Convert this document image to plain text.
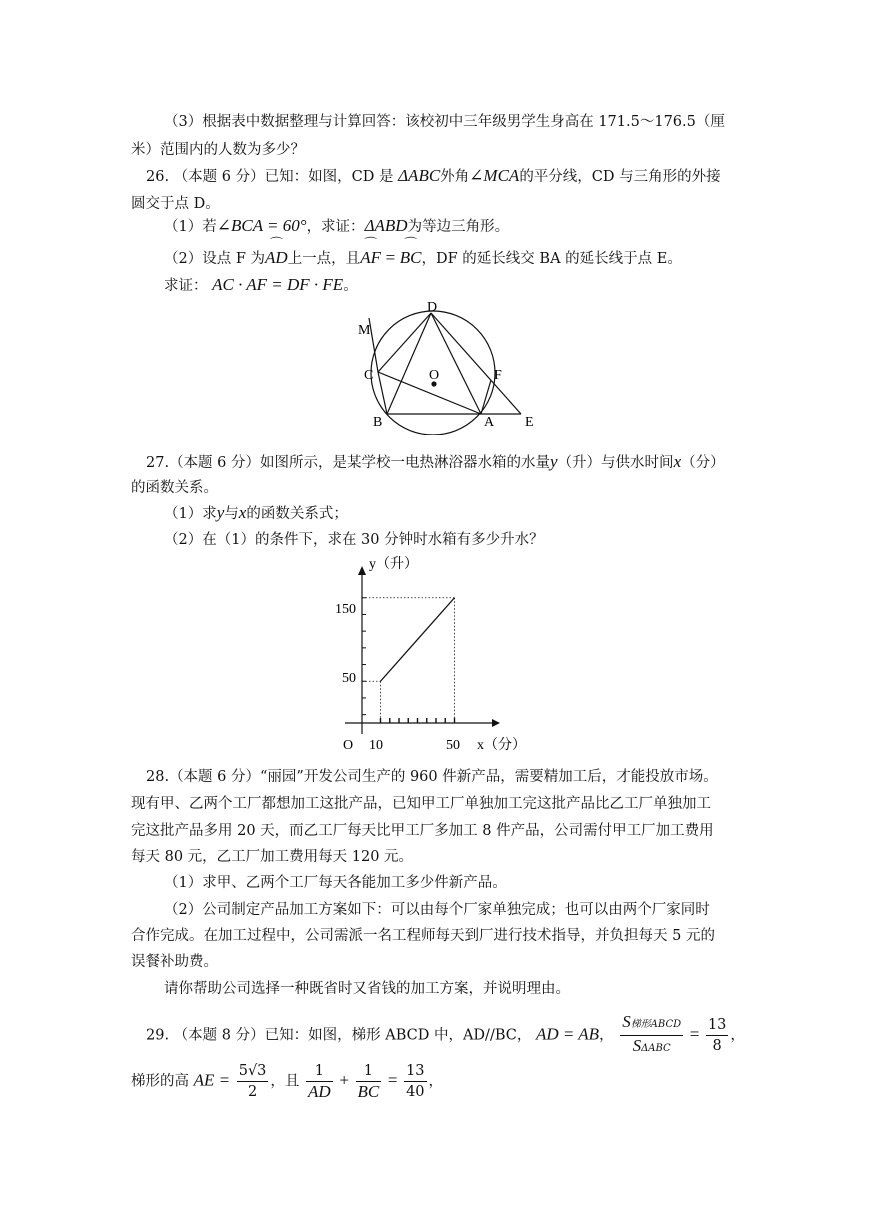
（3）根据表中数据整理与计算回答：该校初中三年级男学生身高在 171.5～176.5（厘
米）范围内的人数为多少？
26. （本题 6 分）已知：如图，CD 是 ΔABC外角∠MCA的平分线，CD 与三角形的外接
圆交于点 D。
（1）若∠BCA = 60°，求证：ΔABD为等边三角形。
（2）设点 F 为⌒ AD上一点，且⌒ AF = ⌒ BC，DF 的延长线交 BA 的延长线于点 E。
求证： AC · AF = DF · FE。
D
M
C	O	F
B	A E
27.（本题 6 分）如图所示，是某学校一电热淋浴器水箱的水量y（升）与供水时间x（分）
的函数关系。
（1）求y与x的函数关系式；
（2）在（1）的条件下，求在 30 分钟时水箱有多少升水？
y（升）
x（分）
O 10	50
50
150
28.（本题 6 分）“丽园”开发公司生产的 960 件新产品，需要精加工后，才能投放市场。
现有甲、乙两个工厂都想加工这批产品，已知甲工厂单独加工完这批产品比乙工厂单独加工
完这批产品多用 20 天，而乙工厂每天比甲工厂多加工 8 件产品，公司需付甲工厂加工费用
每天 80 元，乙工厂加工费用每天 120 元。
（1）求甲、乙两个工厂每天各能加工多少件新产品。
（2）公司制定产品加工方案如下：可以由每个厂家单独完成；也可以由两个厂家同时
合作完成。在加工过程中，公司需派一名工程师每天到厂进行技术指导，并负担每天 5 元的
误餐补助费。
请你帮助公司选择一种既省时又省钱的加工方案，并说明理由。
29. （本题 8 分）已知：如图，梯形 ABCD 中，AD//BC， AD = AB， $\frac{\text{S梯形ABCD}}{\text{SΔABC}} = \frac{13}{8}$ ，
梯形的高 AE = $\frac{5√3}{2}$ ，且 $\frac{1}{AD} + \frac{1}{BC} = \frac{13}{40}$ ，
